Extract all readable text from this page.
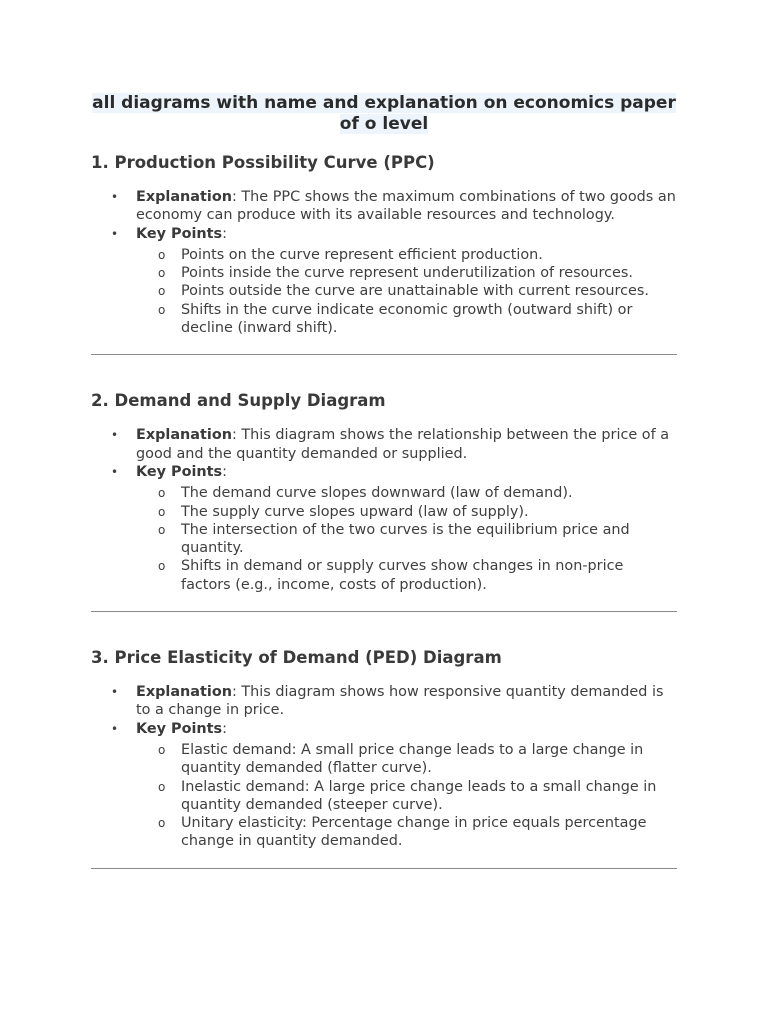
all diagrams with name and explanation on economics paper of o level
1. Production Possibility Curve (PPC)
• Explanation: The PPC shows the maximum combinations of two goods an economy can produce with its available resources and technology.
• Key Points:
o Points on the curve represent efficient production.
o Points inside the curve represent underutilization of resources.
o Points outside the curve are unattainable with current resources.
o Shifts in the curve indicate economic growth (outward shift) or decline (inward shift).
2. Demand and Supply Diagram
• Explanation: This diagram shows the relationship between the price of a good and the quantity demanded or supplied.
• Key Points:
o The demand curve slopes downward (law of demand).
o The supply curve slopes upward (law of supply).
o The intersection of the two curves is the equilibrium price and quantity.
o Shifts in demand or supply curves show changes in non-price factors (e.g., income, costs of production).
3. Price Elasticity of Demand (PED) Diagram
• Explanation: This diagram shows how responsive quantity demanded is to a change in price.
• Key Points:
o Elastic demand: A small price change leads to a large change in quantity demanded (flatter curve).
o Inelastic demand: A large price change leads to a small change in quantity demanded (steeper curve).
o Unitary elasticity: Percentage change in price equals percentage change in quantity demanded.
